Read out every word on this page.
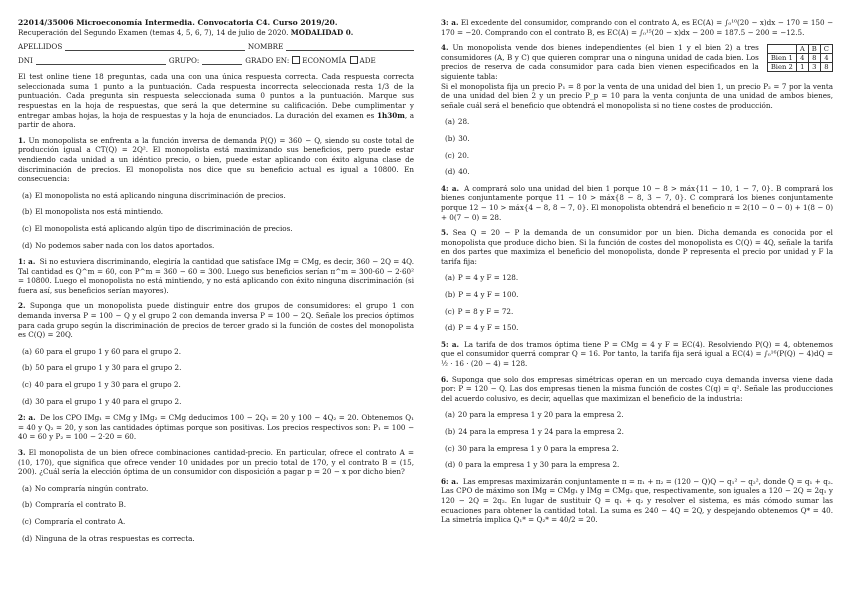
22014/35006 Microeconomía Intermedia. Convocatoria C4. Curso 2019/20.

Recuperación del Segundo Examen (temas 4, 5, 6, 7), 14 de julio de 2020. MODALIDAD 0.

APELLIDOS	NOMBRE
DNI	GRUPO:	GRADO EN:	ECONOMÍA	ADE

El test online tiene 18 preguntas, cada una con una única respuesta correcta. Cada respuesta correcta seleccionada suma 1 punto a la puntuación. Cada respuesta incorrecta seleccionada resta 1/3 de la puntuación. Cada pregunta sin respuesta seleccionada suma 0 puntos a la puntuación. Marque sus respuestas en la hoja de respuestas, que será la que determine su calificación. Debe cumplimentar y entregar ambas hojas, la hoja de respuestas y la hoja de enunciados. La duración del examen es 1h30m, a partir de ahora.

1. Un monopolista se enfrenta a la función inversa de demanda P(Q) = 360 − Q, siendo su coste total de producción igual a CT(Q) = 2Q². El monopolista está maximizando sus beneficios, pero puede estar vendiendo cada unidad a un idéntico precio, o bien, puede estar aplicando con éxito alguna clase de discriminación de precios. El monopolista nos dice que su beneficio actual es igual a 10800. En consecuencia:

(a) El monopolista no está aplicando ninguna discriminación de precios.
(b) El monopolista nos está mintiendo.
(c) El monopolista está aplicando algún tipo de discriminación de precios.
(d) No podemos saber nada con los datos aportados.

1: a. Si no estuviera discriminando, elegiría la cantidad que satisface IMg = CMg, es decir, 360 − 2Q = 4Q. Tal cantidad es Q^m = 60, con P^m = 360 − 60 = 300. Luego sus beneficios serían π^m = 300·60 − 2·60² = 10800. Luego el monopolista no está mintiendo, y no está aplicando con éxito ninguna discriminación (si fuera así, sus beneficios serían mayores).

2. Suponga que un monopolista puede distinguir entre dos grupos de consumidores: el grupo 1 con demanda inversa P = 100 − Q y el grupo 2 con demanda inversa P = 100 − 2Q. Señale los precios óptimos para cada grupo según la discriminación de precios de tercer grado si la función de costes del monopolista es C(Q) = 20Q.

(a) 60 para el grupo 1 y 60 para el grupo 2.
(b) 50 para el grupo 1 y 30 para el grupo 2.
(c) 40 para el grupo 1 y 30 para el grupo 2.
(d) 30 para el grupo 1 y 40 para el grupo 2.

2: a. De los CPO IMg₁ = CMg y IMg₂ = CMg deducimos 100 − 2Q₁ = 20 y 100 − 4Q₂ = 20. Obtenemos Q₁ = 40 y Q₂ = 20, y son las cantidades óptimas porque son positivas. Los precios respectivos son: P₁ = 100 − 40 = 60 y P₂ = 100 − 2·20 = 60.

3. El monopolista de un bien ofrece combinaciones cantidad-precio. En particular, ofrece el contrato A = (10, 170), que significa que ofrece vender 10 unidades por un precio total de 170, y el contrato B = (15, 200). ¿Cuál sería la elección óptima de un consumidor con disposición a pagar p = 20 − x por dicho bien?

(a) No compraría ningún contrato.
(b) Compraría el contrato B.
(c) Compraría el contrato A.
(d) Ninguna de la otras respuestas es correcta.

3: a. El excedente del consumidor, comprando con el contrato A, es EC(A) = ∫₀¹⁰(20 − x)dx − 170 = 150 − 170 = −20. Comprando con el contrato B, es EC(A) = ∫₀¹⁵(20 − x)dx − 200 = 187.5 − 200 = −12.5.

4. Un monopolista vende dos bienes independientes (el bien 1 y el bien 2) a tres consumidores (A, B y C) que quieren comprar una o ninguna unidad de cada bien. Los precios de reserva de cada consumidor para cada bien vienen especificados en la siguiente tabla:

	A	B	C
Bien 1	4	8	4
Bien 2	1	3	8

Si el monopolista fija un precio P₁ = 8 por la venta de una unidad del bien 1, un precio P₂ = 7 por la venta de una unidad del bien 2 y un precio P_p = 10 para la venta conjunta de una unidad de ambos bienes, señale cuál será el beneficio que obtendrá el monopolista si no tiene costes de producción.

(a) 28.
(b) 30.
(c) 20.
(d) 40.

4: a. A comprará solo una unidad del bien 1 porque 10 − 8 > máx{11 − 10, 1 − 7, 0}. B comprará los bienes conjuntamente porque 11 − 10 > máx{8 − 8, 3 − 7, 0}. C comprará los bienes conjuntamente porque 12 − 10 > máx{4 − 8, 8 − 7, 0}. El monopolista obtendrá el beneficio π = 2(10 − 0 − 0) + 1(8 − 0) + 0(7 − 0) = 28.

5. Sea Q = 20 − P la demanda de un consumidor por un bien. Dicha demanda es conocida por el monopolista que produce dicho bien. Si la función de costes del monopolista es C(Q) = 4Q, señale la tarifa en dos partes que maximiza el beneficio del monopolista, donde P representa el precio por unidad y F la tarifa fija:

(a) P = 4 y F = 128.
(b) P = 4 y F = 100.
(c) P = 8 y F = 72.
(d) P = 4 y F = 150.

5: a. La tarifa de dos tramos óptima tiene P = CMg = 4 y F = EC(4). Resolviendo P(Q) = 4, obtenemos que el consumidor querrá comprar Q = 16. Por tanto, la tarifa fija será igual a EC(4) = ∫₀¹⁶(P(Q) − 4)dQ = ½ · 16 · (20 − 4) = 128.

6. Suponga que solo dos empresas simétricas operan en un mercado cuya demanda inversa viene dada por: P = 120 − Q. Las dos empresas tienen la misma función de costes C(q) = q². Señale las producciones del acuerdo colusivo, es decir, aquellas que maximizan el beneficio de la industria:

(a) 20 para la empresa 1 y 20 para la empresa 2.
(b) 24 para la empresa 1 y 24 para la empresa 2.
(c) 30 para la empresa 1 y 0 para la empresa 2.
(d) 0 para la empresa 1 y 30 para la empresa 2.

6: a. Las empresas maximizarán conjuntamente π = π₁ + π₂ = (120 − Q)Q − q₁² − q₂², donde Q = q₁ + q₂. Las CPO de máximo son IMg = CMg₁ y IMg = CMg₂ que, respectivamente, son iguales a 120 − 2Q = 2q₁ y 120 − 2Q = 2q₂. En lugar de sustituir Q = q₁ + q₂ y resolver el sistema, es más cómodo sumar las ecuaciones para obtener la cantidad total. La suma es 240 − 4Q = 2Q, y despejando obtenemos Q* = 40. La simetría implica Q₁* = Q₂* = 40/2 = 20.
